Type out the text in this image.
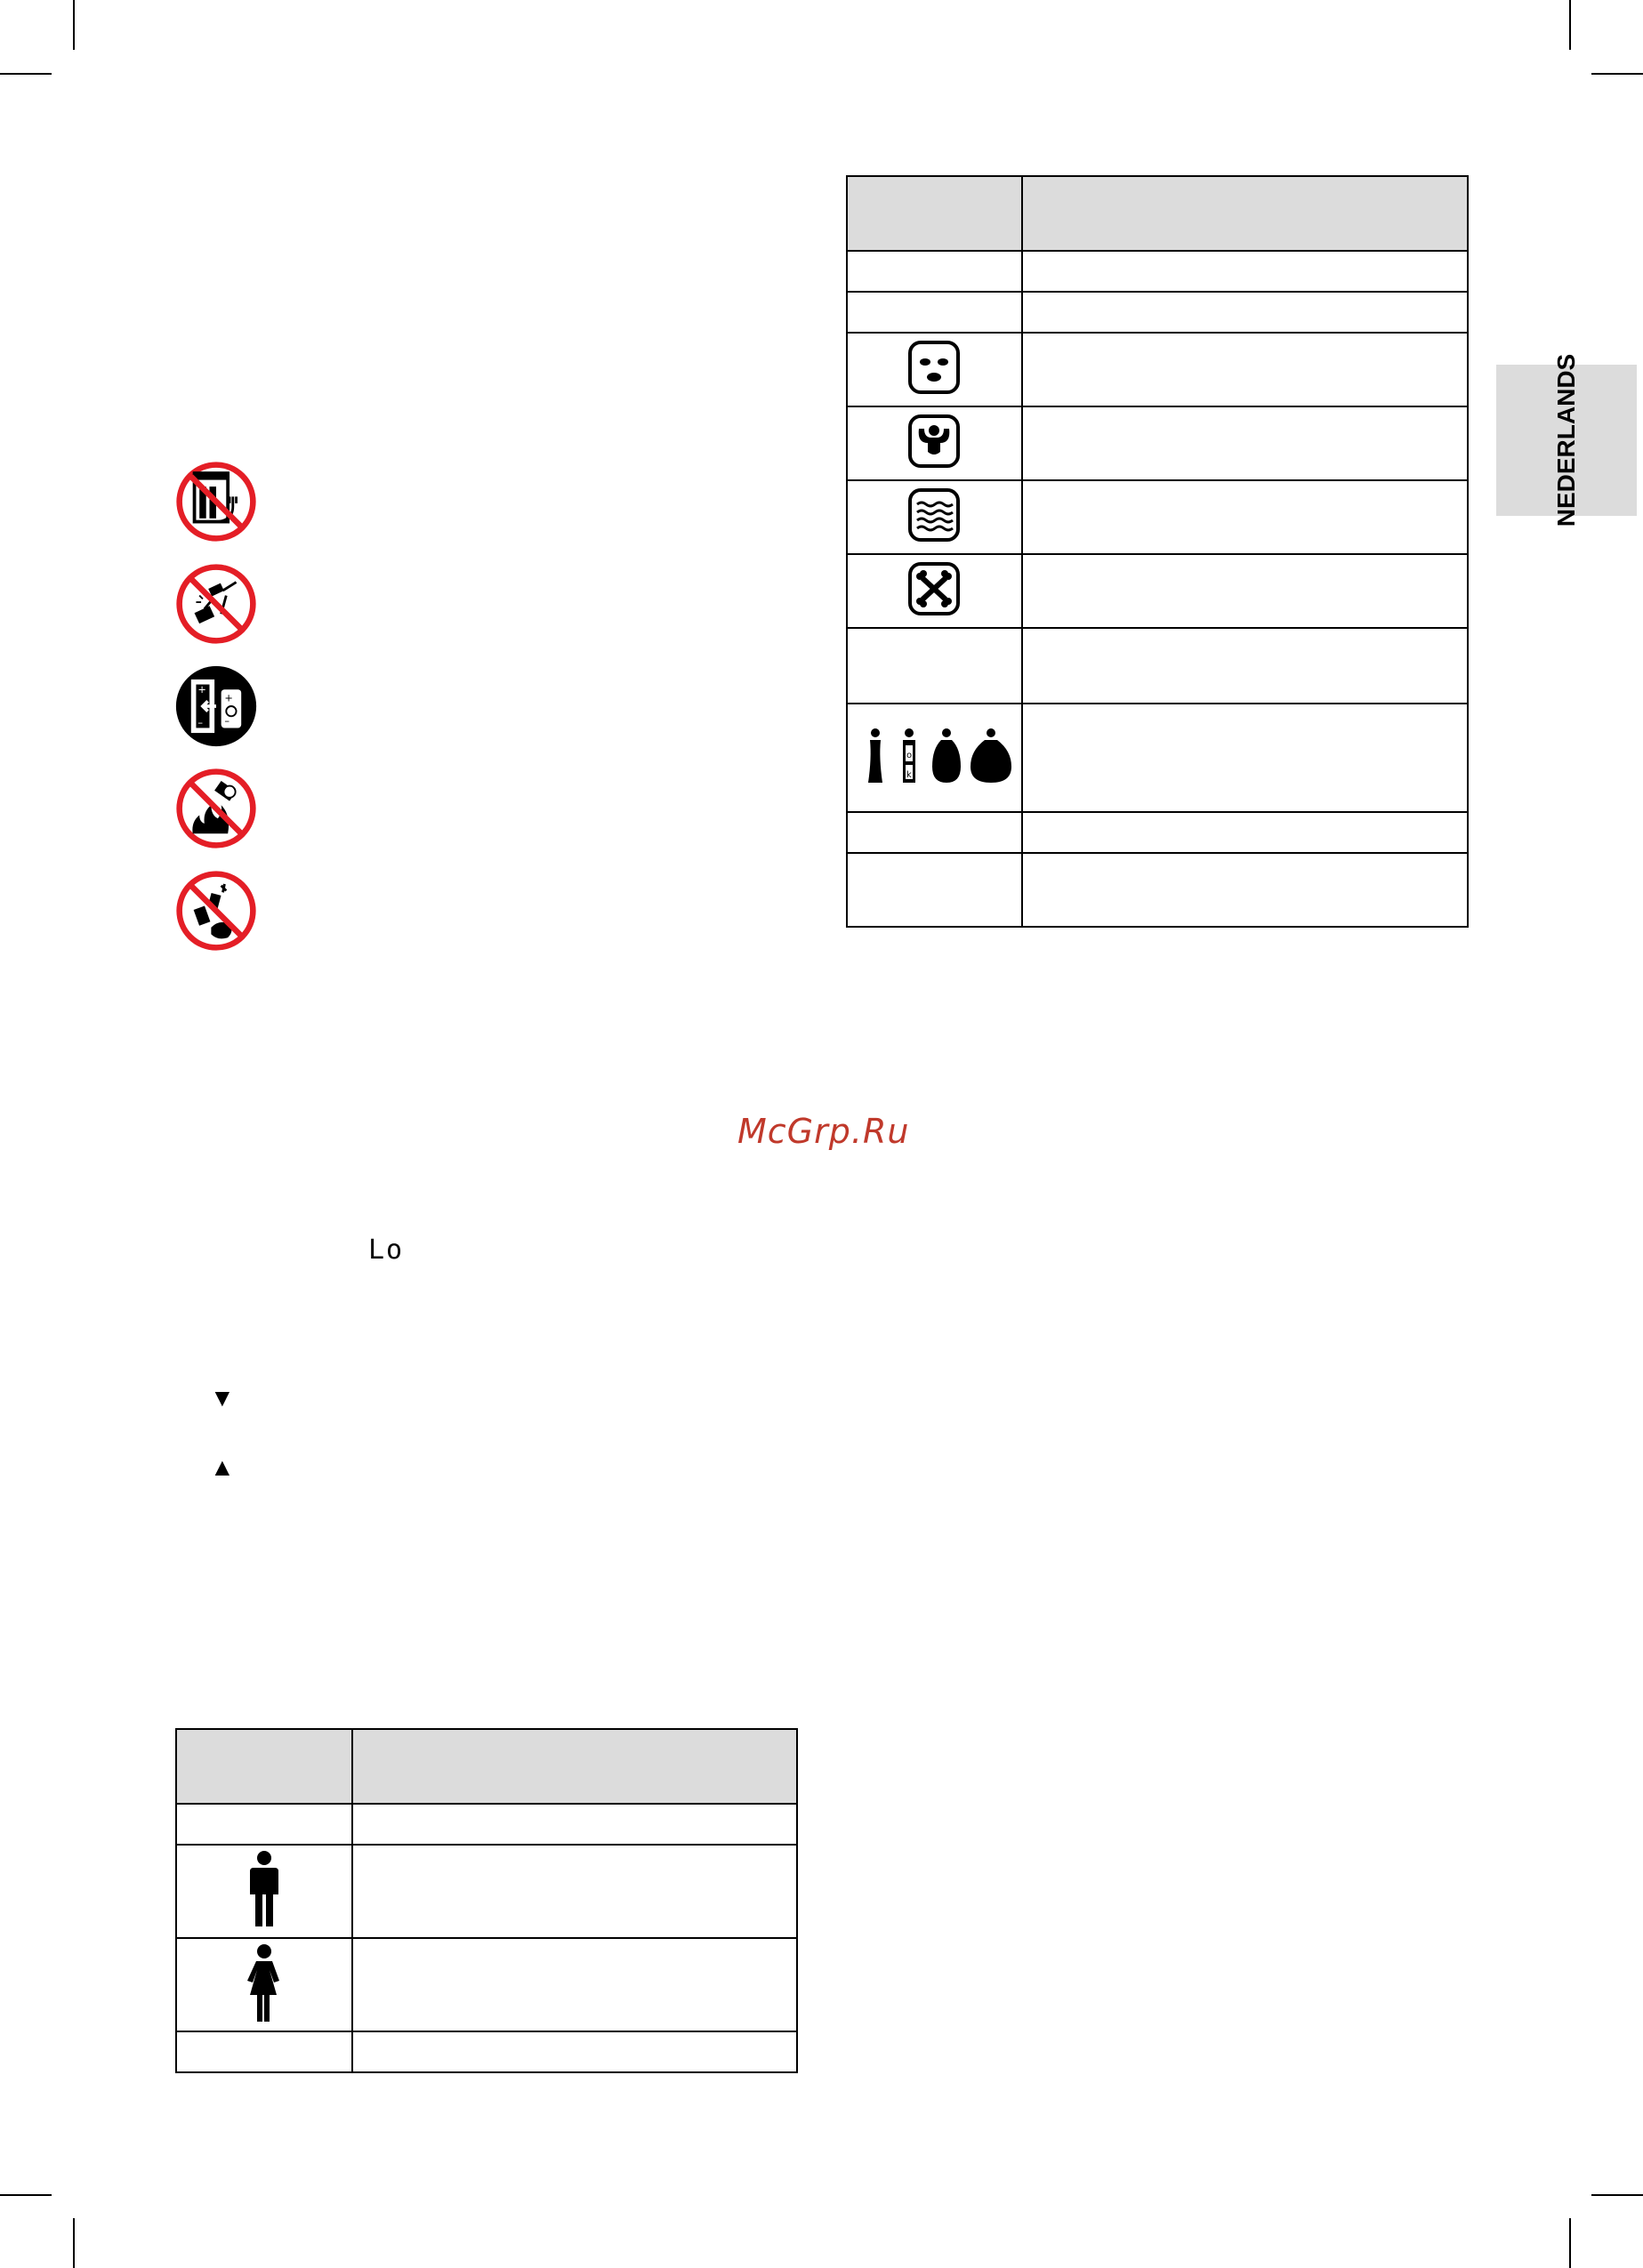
NEDERLANDS
+
–
+
–

o
k	

McGrp.Ru
Lo
▼
▲
